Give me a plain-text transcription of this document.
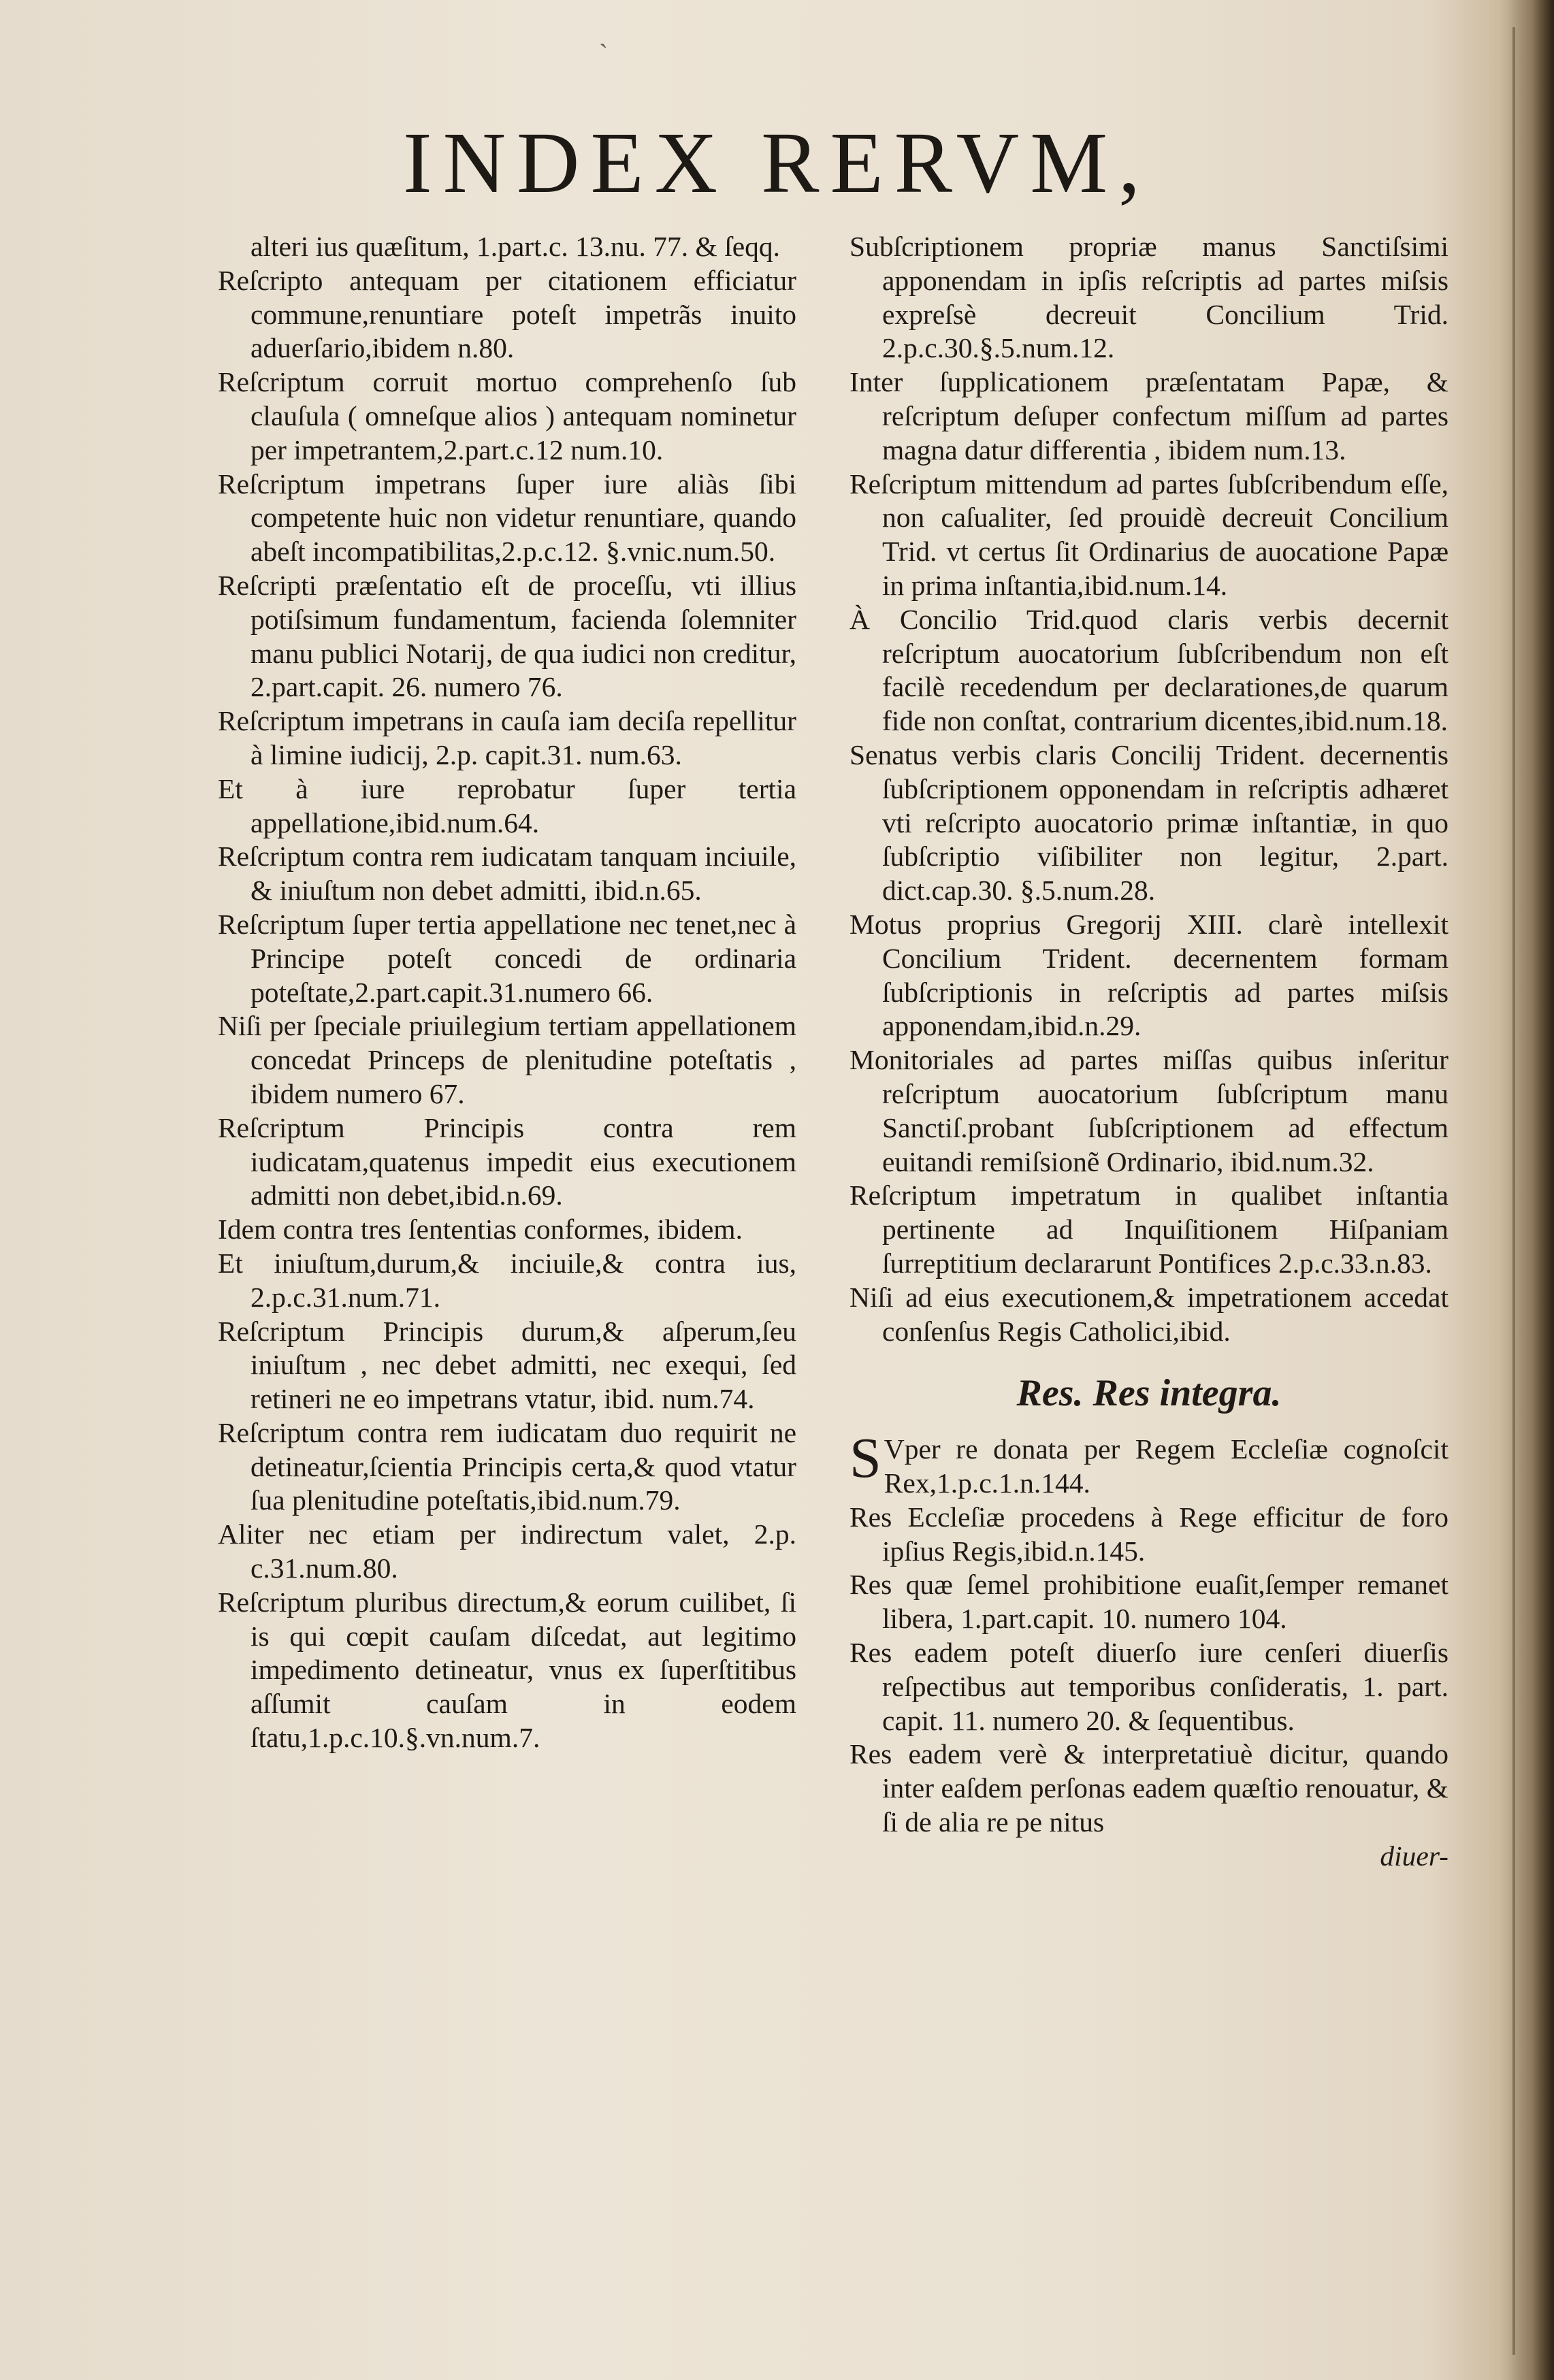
ˎ
INDEX RERVM,

alteri ius quæſitum, 1.part.c. 13.nu. 77. & ſeqq.

Reſcripto antequam per citationem efficiatur commune,renuntiare poteſt impetrãs inuito aduerſario,ibidem n.80.

Reſcriptum corruit mortuo comprehenſo ſub clauſula ( omneſque alios ) antequam nominetur per impetrantem,2.part.c.12 num.10.

Reſcriptum impetrans ſuper iure aliàs ſibi competente huic non videtur renuntiare, quando abeſt incompatibilitas,2.p.c.12. §.vnic.num.50.

Reſcripti præſentatio eſt de proceſſu, vti illius potiſsimum fundamentum, facienda ſolemniter manu publici Notarij, de qua iudici non creditur, 2.part.capit. 26. numero 76.

Reſcriptum impetrans in cauſa iam deciſa repellitur à limine iudicij, 2.p. capit.31. num.63.

Et à iure reprobatur ſuper tertia appellatione,ibid.num.64.

Reſcriptum contra rem iudicatam tanquam inciuile, & iniuſtum non debet admitti, ibid.n.65.

Reſcriptum ſuper tertia appellatione nec tenet,nec à Principe poteſt concedi de ordinaria poteſtate,2.part.capit.31.numero 66.

Niſi per ſpeciale priuilegium tertiam appellationem concedat Princeps de plenitudine poteſtatis , ibidem numero 67.

Reſcriptum Principis contra rem iudicatam,quatenus impedit eius executionem admitti non debet,ibid.n.69.

Idem contra tres ſententias conformes, ibidem.

Et iniuſtum,durum,& inciuile,& contra ius, 2.p.c.31.num.71.

Reſcriptum Principis durum,& aſperum,ſeu iniuſtum , nec debet admitti, nec exequi, ſed retineri ne eo impetrans vtatur, ibid. num.74.

Reſcriptum contra rem iudicatam duo requirit ne detineatur,ſcientia Principis certa,& quod vtatur ſua plenitudine poteſtatis,ibid.num.79.

Aliter nec etiam per indirectum valet, 2.p. c.31.num.80.

Reſcriptum pluribus directum,& eorum cuilibet, ſi is qui cœpit cauſam diſcedat, aut legitimo impedimento detineatur, vnus ex ſuperſtitibus aſſumit cauſam in eodem ſtatu,1.p.c.10.§.vn.num.7.

Subſcriptionem propriæ manus Sanctiſsimi apponendam in ipſis reſcriptis ad partes miſsis expreſsè decreuit Concilium Trid. 2.p.c.30.§.5.num.12.

Inter ſupplicationem præſentatam Papæ, & reſcriptum deſuper confectum miſſum ad partes magna datur differentia , ibidem num.13.

Reſcriptum mittendum ad partes ſubſcribendum eſſe, non caſualiter, ſed prouidè decreuit Concilium Trid. vt certus ſit Ordinarius de auocatione Papæ in prima inſtantia,ibid.num.14.

À Concilio Trid.quod claris verbis decernit reſcriptum auocatorium ſubſcribendum non eſt facilè recedendum per declarationes,de quarum fide non conſtat, contrarium dicentes,ibid.num.18.

Senatus verbis claris Concilij Trident. decernentis ſubſcriptionem opponendam in reſcriptis adhæret vti reſcripto auocatorio primæ inſtantiæ, in quo ſubſcriptio viſibiliter non legitur, 2.part. dict.cap.30. §.5.num.28.

Motus proprius Gregorij XIII. clarè intellexit Concilium Trident. decernentem formam ſubſcriptionis in reſcriptis ad partes miſsis apponendam,ibid.n.29.

Monitoriales ad partes miſſas quibus inſeritur reſcriptum auocatorium ſubſcriptum manu Sanctiſ.probant ſubſcriptionem ad effectum euitandi remiſsionẽ Ordinario, ibid.num.32.

Reſcriptum impetratum in qualibet inſtantia pertinente ad Inquiſitionem Hiſpaniam ſurreptitium declararunt Pontifices 2.p.c.33.n.83.

Niſi ad eius executionem,& impetrationem accedat conſenſus Regis Catholici,ibid.

Res. Res integra.

S Vper re donata per Regem Eccleſiæ cognoſcit Rex,1.p.c.1.n.144.

Res Eccleſiæ procedens à Rege efficitur de foro ipſius Regis,ibid.n.145.

Res quæ ſemel prohibitione euaſit,ſemper remanet libera, 1.part.capit. 10. numero 104.

Res eadem poteſt diuerſo iure cenſeri diuerſis reſpectibus aut temporibus conſideratis, 1. part. capit. 11. numero 20. & ſequentibus.

Res eadem verè & interpretatiuè dicitur, quando inter eaſdem perſonas eadem quæſtio renouatur, & ſi de alia re pe nitus

diuer-
